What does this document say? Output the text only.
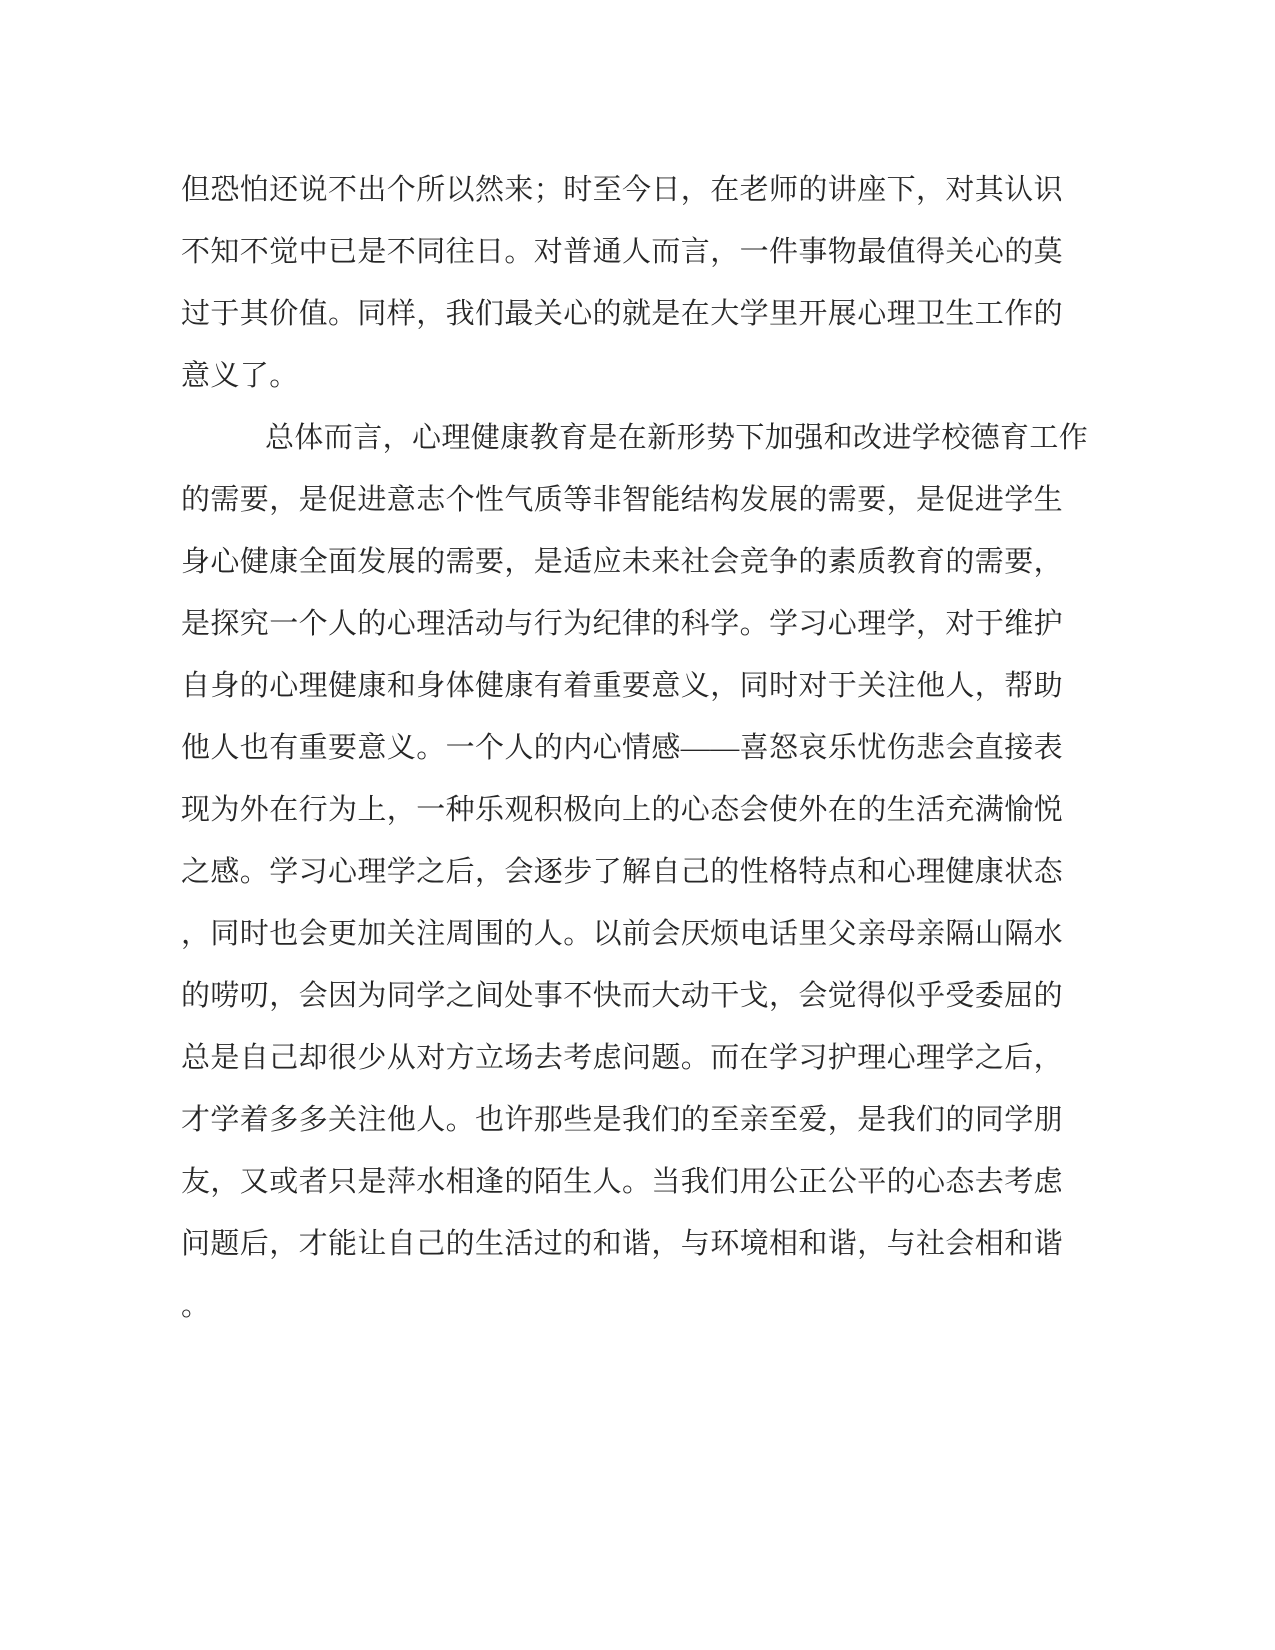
但恐怕还说不出个所以然来；时至今日，在老师的讲座下，对其认识
不知不觉中已是不同往日。对普通人而言，一件事物最值得关心的莫
过于其价值。同样，我们最关心的就是在大学里开展心理卫生工作的
意义了。
总体而言，心理健康教育是在新形势下加强和改进学校德育工作
的需要，是促进意志个性气质等非智能结构发展的需要，是促进学生
身心健康全面发展的需要，是适应未来社会竞争的素质教育的需要，
是探究一个人的心理活动与行为纪律的科学。学习心理学，对于维护
自身的心理健康和身体健康有着重要意义，同时对于关注他人，帮助
他人也有重要意义。一个人的内心情感——喜怒哀乐忧伤悲会直接表
现为外在行为上，一种乐观积极向上的心态会使外在的生活充满愉悦
之感。学习心理学之后，会逐步了解自己的性格特点和心理健康状态
，同时也会更加关注周围的人。以前会厌烦电话里父亲母亲隔山隔水
的唠叨，会因为同学之间处事不快而大动干戈，会觉得似乎受委屈的
总是自己却很少从对方立场去考虑问题。而在学习护理心理学之后，
才学着多多关注他人。也许那些是我们的至亲至爱，是我们的同学朋
友，又或者只是萍水相逢的陌生人。当我们用公正公平的心态去考虑
问题后，才能让自己的生活过的和谐，与环境相和谐，与社会相和谐
。
